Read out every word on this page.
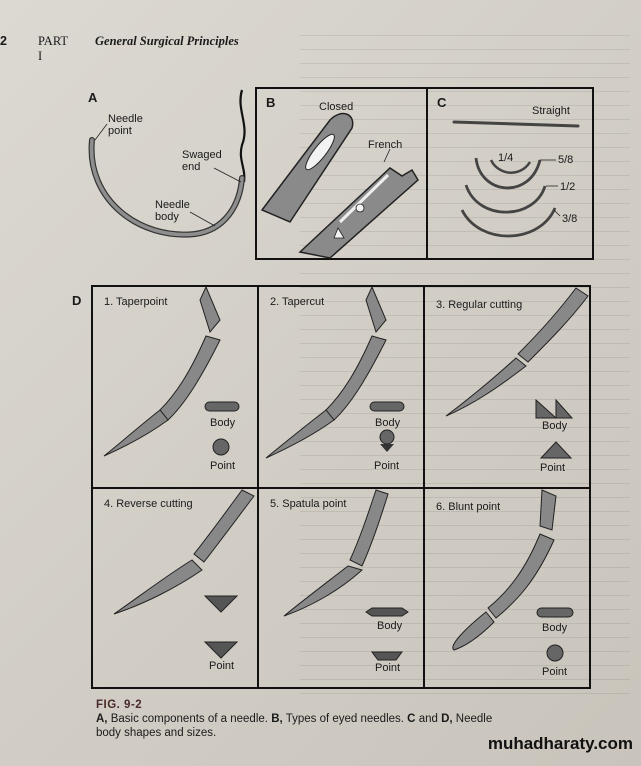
2 PART I
General Surgical Principles
A	B	C
D
Needle point
Swaged end
Needle body
Closed
French
Straight
1/4	5/8
1/2
3/8
1. Taperpoint	2. Tapercut	3. Regular cutting
4. Reverse cutting	5. Spatula point	6. Blunt point
Body
Point
Body
Point
Body
Point
Point
Body
Point
Body
Point
FIG. 9-2
A, Basic components of a needle. B, Types of eyed needles. C and D, Needle body shapes and sizes.
muhadharaty.com
